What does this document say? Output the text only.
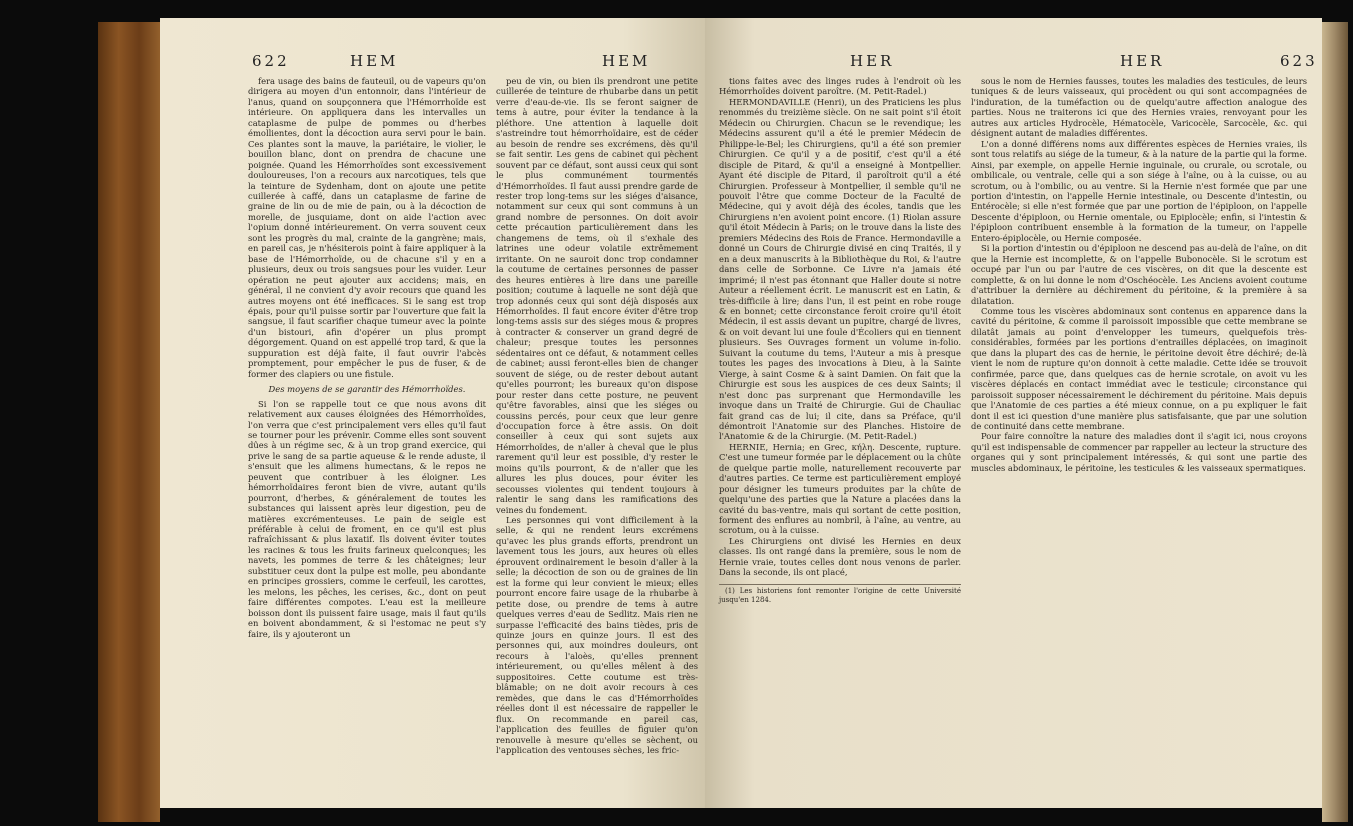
622	HEM	HEM

fera usage des bains de fauteuil, ou de vapeurs qu'on dirigera au moyen d'un entonnoir, dans l'intérieur de l'anus, quand on soupçonnera que l'Hémorrhoïde est intérieure. On appliquera dans les intervalles un cataplasme de pulpe de pommes ou d'herbes émollientes, dont la décoction aura servi pour le bain. Ces plantes sont la mauve, la pariétaire, le violier, le bouillon blanc, dont on prendra de chacune une poignée. Quand les Hémorrhoïdes sont excessivement douloureuses, l'on a recours aux narcotiques, tels que la teinture de Sydenham, dont on ajoute une petite cuillerée à caffé, dans un cataplasme de farine de graine de lin ou de mie de pain, ou à la décoction de morelle, de jusquiame, dont on aide l'action avec l'opium donné intérieurement. On verra souvent ceux sont les progrès du mal, crainte de la gangrène; mais, en pareil cas, je n'hésiterois point à faire appliquer à la base de l'Hémorrhoïde, ou de chacune s'il y en a plusieurs, deux ou trois sangsues pour les vuider. Leur opération ne peut ajouter aux accidens; mais, en général, il ne convient d'y avoir recours que quand les autres moyens ont été inefficaces. Si le sang est trop épais, pour qu'il puisse sortir par l'ouverture que fait la sangsue, il faut scarifier chaque tumeur avec la pointe d'un bistouri, afin d'opérer un plus prompt dégorgement. Quand on est appellé trop tard, & que la suppuration est déjà faite, il faut ouvrir l'abcès promptement, pour empêcher le pus de fuser, & de former des clapiers ou une fistule.

Des moyens de se garantir des Hémorrhoïdes.

Si l'on se rappelle tout ce que nous avons dit relativement aux causes éloignées des Hémorrhoïdes, l'on verra que c'est principalement vers elles qu'il faut se tourner pour les prévenir. Comme elles sont souvent dûes à un régime sec, & à un trop grand exercice, qui prive le sang de sa partie aqueuse & le rende aduste, il s'ensuit que les alimens humectans, & le repos ne peuvent que contribuer à les éloigner. Les hémorrhoïdaires feront bien de vivre, autant qu'ils pourront, d'herbes, & généralement de toutes les substances qui laissent après leur digestion, peu de matières excrémenteuses. Le pain de seigle est préférable à celui de froment, en ce qu'il est plus rafraîchissant & plus laxatif. Ils doivent éviter toutes les racines & tous les fruits farineux quelconques; les navets, les pommes de terre & les châteignes; leur substituer ceux dont la pulpe est molle, peu abondante en principes grossiers, comme le cerfeuil, les carottes, les melons, les pêches, les cerises, &c., dont on peut faire différentes compotes. L'eau est la meilleure boisson dont ils puissent faire usage, mais il faut qu'ils en boivent abondamment, & si l'estomac ne peut s'y faire, ils y ajouteront un

peu de vin, ou bien ils prendront une petite cuillerée de teinture de rhubarbe dans un petit verre d'eau-de-vie. Ils se feront saigner de tems à autre, pour éviter la tendance à la pléthore. Une attention à laquelle doit s'astreindre tout hémorrhoïdaire, est de céder au besoin de rendre ses excrémens, dès qu'il se fait sentir. Les gens de cabinet qui pèchent souvent par ce défaut, sont aussi ceux qui sont le plus communément tourmentés d'Hémorrhoïdes. Il faut aussi prendre garde de rester trop long-tems sur les siéges d'aisance, notamment sur ceux qui sont communs à un grand nombre de personnes. On doit avoir cette précaution particulièrement dans les changemens de tems, où il s'exhale des latrines une odeur volatile extrêmement irritante. On ne sauroit donc trop condamner la coutume de certaines personnes de passer des heures entières à lire dans une pareille position; coutume à laquelle ne sont déjà que trop adonnés ceux qui sont déjà disposés aux Hémorrhoïdes. Il faut encore éviter d'être trop long-tems assis sur des siéges mous & propres à contracter & conserver un grand degré de chaleur; presque toutes les personnes sédentaires ont ce défaut, & notamment celles de cabinet; aussi feront-elles bien de changer souvent de siége, ou de rester debout autant qu'elles pourront; les bureaux qu'on dispose pour rester dans cette posture, ne peuvent qu'être favorables, ainsi que les siéges ou coussins percés, pour ceux que leur genre d'occupation force à être assis. On doit conseiller à ceux qui sont sujets aux Hémorrhoïdes, de n'aller à cheval que le plus rarement qu'il leur est possible, d'y rester le moins qu'ils pourront, & de n'aller que les allures les plus douces, pour éviter les secousses violentes qui tendent toujours à ralentir le sang dans les ramifications des veines du fondement.

Les personnes qui vont difficilement à la selle, & qui ne rendent leurs excrémens qu'avec les plus grands efforts, prendront un lavement tous les jours, aux heures où elles éprouvent ordinairement le besoin d'aller à la selle; la décoction de son ou de graines de lin est la forme qui leur convient le mieux; elles pourront encore faire usage de la rhubarbe à petite dose, ou prendre de tems à autre quelques verres d'eau de Sedlitz. Mais rien ne surpasse l'efficacité des bains tièdes, pris de quinze jours en quinze jours. Il est des personnes qui, aux moindres douleurs, ont recours à l'aloès, qu'elles prennent intérieurement, ou qu'elles mêlent à des suppositoires. Cette coutume est très-blâmable; on ne doit avoir recours à ces remèdes, que dans le cas d'Hémorrhoïdes réelles dont il est nécessaire de rappeller le flux. On recommande en pareil cas, l'application des feuilles de figuier qu'on renouvelle à mesure qu'elles se sèchent, ou l'application des ventouses sèches, les fric-

HER	HER	623

tions faites avec des linges rudes à l'endroit où les Hémorrhoïdes doivent paroître. (M. Petit-Radel.)

HERMONDAVILLE (Henri), un des Praticiens les plus renommés du treizième siècle. On ne sait point s'il étoit Médecin ou Chirurgien. Chacun se le revendique; les Médecins assurent qu'il a été le premier Médecin de Philippe-le-Bel; les Chirurgiens, qu'il a été son premier Chirurgien. Ce qu'il y a de positif, c'est qu'il a été disciple de Pitard, & qu'il a enseigné à Montpellier. Ayant été disciple de Pitard, il paroîtroit qu'il a été Chirurgien. Professeur à Montpellier, il semble qu'il ne pouvoit l'être que comme Docteur de la Faculté de Médecine, qui y avoit déjà des écoles, tandis que les Chirurgiens n'en avoient point encore. (1) Riolan assure qu'il étoit Médecin à Paris; on le trouve dans la liste des premiers Médecins des Rois de France. Hermondaville a donné un Cours de Chirurgie divisé en cinq Traités, il y en a deux manuscrits à la Bibliothèque du Roi, & l'autre dans celle de Sorbonne. Ce Livre n'a jamais été imprimé; il n'est pas étonnant que Haller doute si notre Auteur a réellement écrit. Le manuscrit est en Latin, & très-difficile à lire; dans l'un, il est peint en robe rouge & en bonnet; cette circonstance feroit croire qu'il étoit Médecin, il est assis devant un pupitre, chargé de livres, & on voit devant lui une foule d'Écoliers qui en tiennent plusieurs. Ses Ouvrages forment un volume in-folio. Suivant la coutume du tems, l'Auteur a mis à presque toutes les pages des invocations à Dieu, à la Sainte Vierge, à saint Cosme & à saint Damien. On fait que la Chirurgie est sous les auspices de ces deux Saints; il n'est donc pas surprenant que Hermondaville les invoque dans un Traité de Chirurgie. Gui de Chauliac fait grand cas de lui; il cite, dans sa Préface, qu'il démontroit l'Anatomie sur des Planches. Histoire de l'Anatomie & de la Chirurgie. (M. Petit-Radel.)

HERNIE, Hernia; en Grec, κήλη. Descente, rupture. C'est une tumeur formée par le déplacement ou la chûte de quelque partie molle, naturellement recouverte par d'autres parties. Ce terme est particulièrement employé pour désigner les tumeurs produites par la chûte de quelqu'une des parties que la Nature a placées dans la cavité du bas-ventre, mais qui sortant de cette position, forment des enflures au nombril, à l'aîne, au ventre, au scrotum, ou à la cuisse.

Les Chirurgiens ont divisé les Hernies en deux classes. Ils ont rangé dans la première, sous le nom de Hernie vraie, toutes celles dont nous venons de parler. Dans la seconde, ils ont placé,

(1) Les historiens font remonter l'origine de cette Université jusqu'en 1284.

sous le nom de Hernies fausses, toutes les maladies des testicules, de leurs tuniques & de leurs vaisseaux, qui procèdent ou qui sont accompagnées de l'induration, de la tuméfaction ou de quelqu'autre affection analogue des parties. Nous ne traiterons ici que des Hernies vraies, renvoyant pour les autres aux articles Hydrocèle, Hématocèle, Varicocèle, Sarcocèle, &c. qui désignent autant de maladies différentes.

L'on a donné différens noms aux différentes espèces de Hernies vraies, ils sont tous relatifs au siége de la tumeur, & à la nature de la partie qui la forme. Ainsi, par exemple, on appelle Hernie inguinale, ou crurale, ou scrotale, ou ombilicale, ou ventrale, celle qui a son siége à l'aîne, ou à la cuisse, ou au scrotum, ou à l'ombilic, ou au ventre. Si la Hernie n'est formée que par une portion d'intestin, on l'appelle Hernie intestinale, ou Descente d'intestin, ou Entérocèle; si elle n'est formée que par une portion de l'épiploon, on l'appelle Descente d'épiploon, ou Hernie omentale, ou Epiplocèle; enfin, si l'intestin & l'épiploon contribuent ensemble à la formation de la tumeur, on l'appelle Entero-épiplocèle, ou Hernie composée.

Si la portion d'intestin ou d'épiploon ne descend pas au-delà de l'aîne, on dit que la Hernie est incomplette, & on l'appelle Bubonocèle. Si le scrotum est occupé par l'un ou par l'autre de ces viscères, on dit que la descente est complette, & on lui donne le nom d'Oschéocèle. Les Anciens avoient coutume d'attribuer la dernière au déchirement du péritoine, & la première à sa dilatation.

Comme tous les viscères abdominaux sont contenus en apparence dans la cavité du péritoine, & comme il paroissoit impossible que cette membrane se dilatât jamais au point d'envelopper les tumeurs, quelquefois très-considérables, formées par les portions d'entrailles déplacées, on imaginoit que dans la plupart des cas de hernie, le péritoine devoit être déchiré; de-là vient le nom de rupture qu'on donnoit à cette maladie. Cette idée se trouvoit confirmée, parce que, dans quelques cas de hernie scrotale, on avoit vu les viscères déplacés en contact immédiat avec le testicule; circonstance qui paroissoit supposer nécessairement le déchirement du péritoine. Mais depuis que l'Anatomie de ces parties a été mieux connue, on a pu expliquer le fait dont il est ici question d'une manière plus satisfaisante, que par une solution de continuité dans cette membrane.

Pour faire connoître la nature des maladies dont il s'agit ici, nous croyons qu'il est indispensable de commencer par rappeller au lecteur la structure des organes qui y sont principalement intéressés, & qui sont une partie des muscles abdominaux, le péritoine, les testicules & les vaisseaux spermatiques.
